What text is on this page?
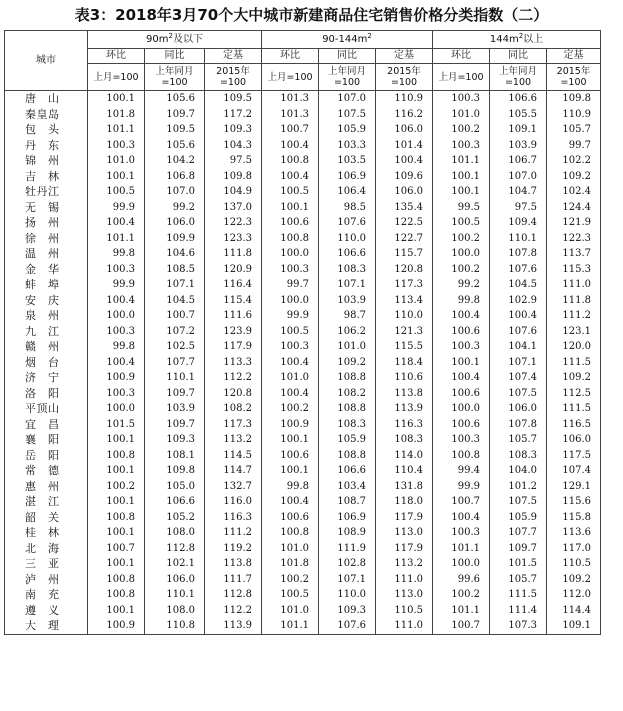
表3：2018年3月70个大中城市新建商品住宅销售价格分类指数（二）
城市	$90m^2$及以下			$90-144m^2$			$144m^2$以上		
	环比	同比	定基	环比	同比	定基	环比	同比	定基
	上月=100	上年同月=100	2015年=100	上月=100	上年同月=100	2015年=100	上月=100	上年同月=100	2015年=100
唐山	100.1	105.6	109.5	101.3	107.0	110.9	100.3	106.6	109.8
秦皇岛	101.8	109.7	117.2	101.3	107.5	116.2	101.0	105.5	110.9
包头	101.1	109.5	109.3	100.7	105.9	106.0	100.2	109.1	105.7
丹东	100.3	105.6	104.3	100.4	103.3	101.4	100.3	103.9	99.7
锦州	101.0	104.2	97.5	100.8	103.5	100.4	101.1	106.7	102.2
吉林	100.1	106.8	109.8	100.4	106.9	109.6	100.1	107.0	109.2
牡丹江	100.5	107.0	104.9	100.5	106.4	106.0	100.1	104.7	102.4
无锡	99.9	99.2	137.0	100.1	98.5	135.4	99.5	97.5	124.4
扬州	100.4	106.0	122.3	100.6	107.6	122.5	100.5	109.4	121.9
徐州	101.1	109.9	123.3	100.8	110.0	122.7	100.2	110.1	122.3
温州	99.8	104.6	111.8	100.0	106.6	115.7	100.0	107.8	113.7
金华	100.3	108.5	120.9	100.3	108.3	120.8	100.2	107.6	115.3
蚌埠	99.9	107.1	116.4	99.7	107.1	117.3	99.2	104.5	111.0
安庆	100.4	104.5	115.4	100.0	103.9	113.4	99.8	102.9	111.8
泉州	100.0	100.7	111.6	99.9	98.7	110.0	100.4	100.4	111.2
九江	100.3	107.2	123.9	100.5	106.2	121.3	100.6	107.6	123.1
赣州	99.8	102.5	117.9	100.3	101.0	115.5	100.3	104.1	120.0
烟台	100.4	107.7	113.3	100.4	109.2	118.4	100.1	107.1	111.5
济宁	100.9	110.1	112.2	101.0	108.8	110.6	100.4	107.4	109.2
洛阳	100.3	109.7	120.8	100.4	108.2	113.8	100.6	107.5	112.5
平顶山	100.0	103.9	108.2	100.2	108.8	113.9	100.0	106.0	111.5
宜昌	101.5	109.7	117.3	100.9	108.3	116.3	100.6	107.8	116.5
襄阳	100.1	109.3	113.2	100.1	105.9	108.3	100.3	105.7	106.0
岳阳	100.8	108.1	114.5	100.6	108.8	114.0	100.8	108.3	117.5
常德	100.1	109.8	114.7	100.1	106.6	110.4	99.4	104.0	107.4
惠州	100.2	105.0	132.7	99.8	103.4	131.8	99.9	101.2	129.1
湛江	100.1	106.6	116.0	100.4	108.7	118.0	100.7	107.5	115.6
韶关	100.8	105.2	116.3	100.6	106.9	117.9	100.4	105.9	115.8
桂林	100.1	108.0	111.2	100.8	108.9	113.0	100.3	107.7	113.6
北海	100.7	112.8	119.2	101.0	111.9	117.9	101.1	109.7	117.0
三亚	100.1	102.1	113.8	101.8	102.8	113.2	100.0	101.5	110.5
泸州	100.8	106.0	111.7	100.2	107.1	111.0	99.6	105.7	109.2
南充	100.8	110.1	112.8	100.5	110.0	113.0	100.2	111.5	112.0
遵义	100.1	108.0	112.2	101.0	109.3	110.5	101.1	111.4	114.4
大理	100.9	110.8	113.9	101.1	107.6	111.0	100.7	107.3	109.1
